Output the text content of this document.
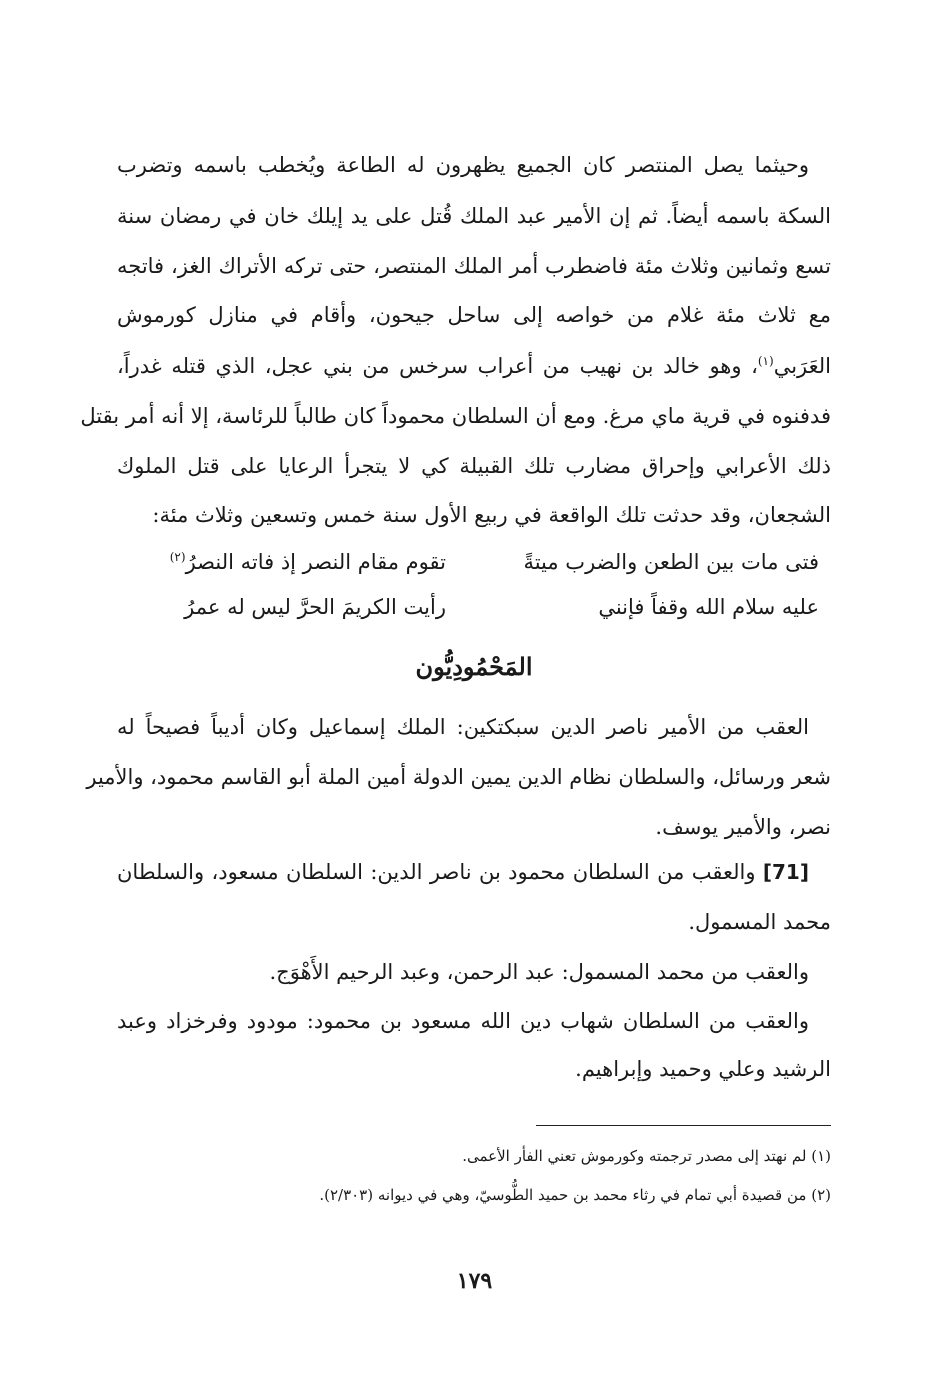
وحيثما يصل المنتصر كان الجميع يظهرون له الطاعة ويُخطب باسمه وتضرب
السكة باسمه أيضاً. ثم إن الأمير عبد الملك قُتل على يد إيلك خان في رمضان سنة
تسع وثمانين وثلاث مئة فاضطرب أمر الملك المنتصر، حتى تركه الأتراك الغز، فاتجه
مع ثلاث مئة غلام من خواصه إلى ساحل جيحون، وأقام في منازل كورموش
العَرَبي$^{(١)}$، وهو خالد بن نهيب من أعراب سرخس من بني عجل، الذي قتله غدراً،
فدفنوه في قرية ماي مرغ. ومع أن السلطان محموداً كان طالباً للرئاسة، إلا أنه أمر بقتل
ذلك الأعرابي وإحراق مضارب تلك القبيلة كي لا يتجرأ الرعايا على قتل الملوك
الشجعان، وقد حدثت تلك الواقعة في ربيع الأول سنة خمس وتسعين وثلاث مئة:
فتى مات بين الطعن والضرب ميتةً
تقوم مقام النصر إذ فاته النصرُ$^{(٢)}$
عليه سلام الله وقفاً فإنني
رأيت الكريمَ الحرَّ ليس له عمرُ
المَحْمُودِيُّون
العقب من الأمير ناصر الدين سبكتكين: الملك إسماعيل وكان أديباً فصيحاً له
شعر ورسائل، والسلطان نظام الدين يمين الدولة أمين الملة أبو القاسم محمود، والأمير
نصر، والأمير يوسف.
[71] والعقب من السلطان محمود بن ناصر الدين: السلطان مسعود، والسلطان
محمد المسمول.
والعقب من محمد المسمول: عبد الرحمن، وعبد الرحيم الأَهْوَج.
والعقب من السلطان شهاب دين الله مسعود بن محمود: مودود وفرخزاد وعبد
الرشيد وعلي وحميد وإبراهيم.
(١) لم نهتد إلى مصدر ترجمته وكورموش تعني الفأر الأعمى.
(٢) من قصيدة أبي تمام في رثاء محمد بن حميد الطُّوسيّ، وهي في ديوانه (٢/٣٠٣).
١٧٩
